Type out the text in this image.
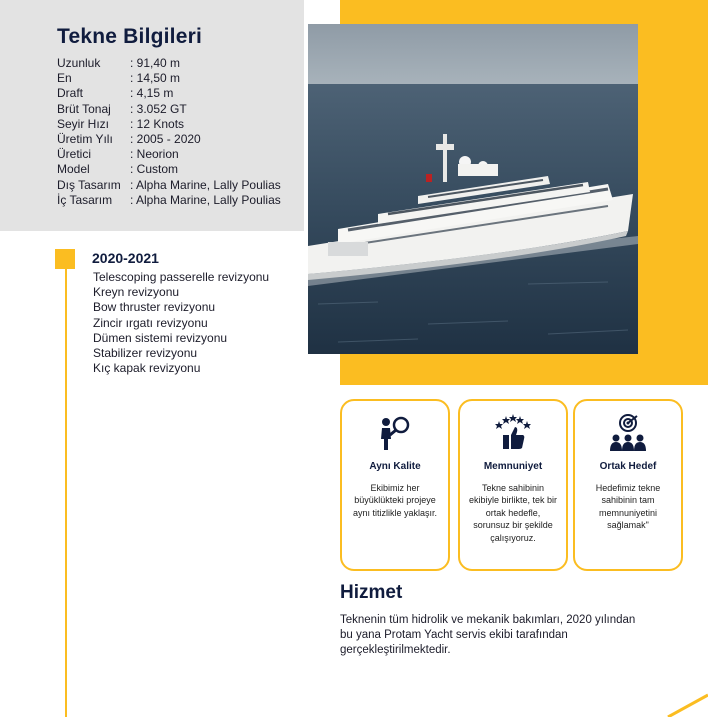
Tekne Bilgileri
Uzunluk	: 91,40 m
En	: 14,50 m
Draft	: 4,15 m
Brüt Tonaj	: 3.052 GT
Seyir Hızı	: 12 Knots
Üretim Yılı	: 2005 - 2020
Üretici	: Neorion
Model	: Custom
Dış Tasarım : Alpha Marine, Lally Poulias
İç Tasarım	: Alpha Marine, Lally Poulias
2020-2021
Telescoping passerelle revizyonu
Kreyn revizyonu
Bow thruster revizyonu
Zincir ırgatı revizyonu
Dümen sistemi revizyonu
Stabilizer revizyonu
Kıç kapak revizyonu
Aynı Kalite
Ekibimiz her büyüklükteki projeye aynı titizlikle yaklaşır.
Memnuniyet
Tekne sahibinin ekibiyle birlikte, tek bir ortak hedefle, sorunsuz bir şekilde çalışıyoruz.
Ortak Hedef
Hedefimiz tekne sahibinin tam memnuniyetini sağlamak"
Hizmet

Teknenin tüm hidrolik ve mekanik bakımları, 2020 yılından bu yana Protam Yacht servis ekibi tarafından gerçekleştirilmektedir.
